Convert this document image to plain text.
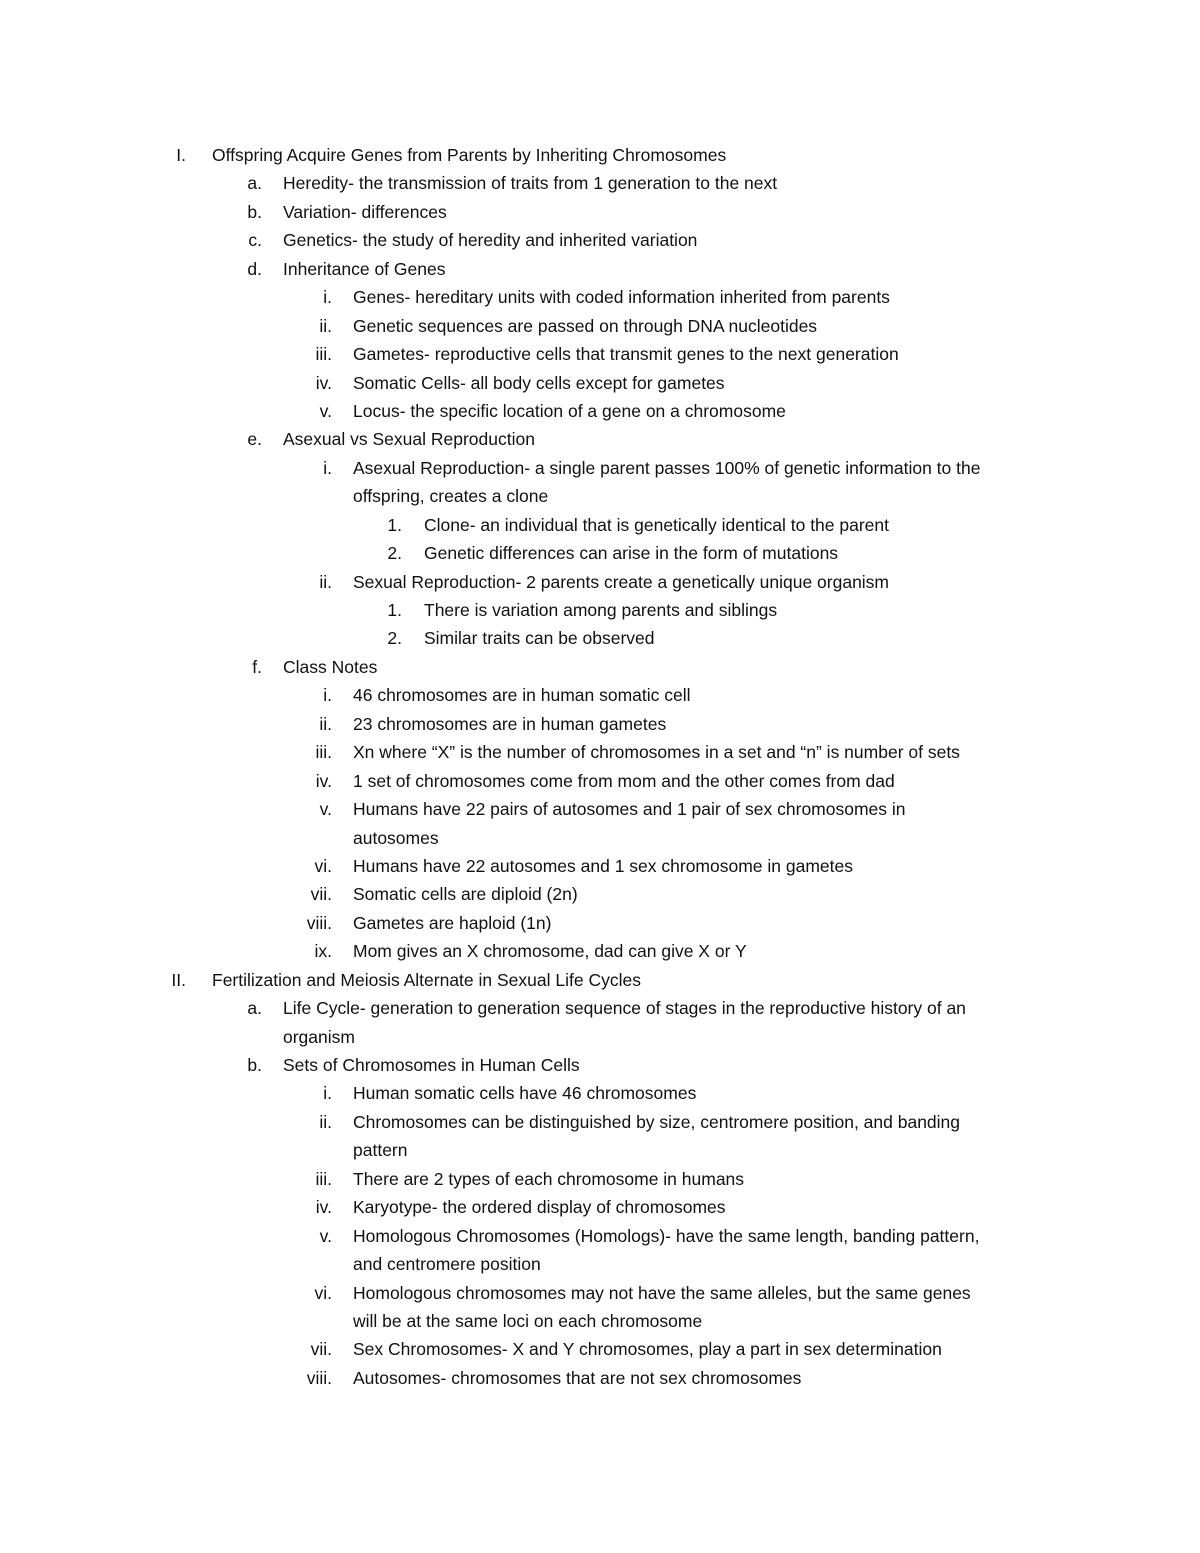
I. Offspring Acquire Genes from Parents by Inheriting Chromosomes
a. Heredity- the transmission of traits from 1 generation to the next
b. Variation- differences
c. Genetics- the study of heredity and inherited variation
d. Inheritance of Genes
i. Genes- hereditary units with coded information inherited from parents
ii. Genetic sequences are passed on through DNA nucleotides
iii. Gametes- reproductive cells that transmit genes to the next generation
iv. Somatic Cells- all body cells except for gametes
v. Locus- the specific location of a gene on a chromosome
e. Asexual vs Sexual Reproduction
i. Asexual Reproduction- a single parent passes 100% of genetic information to the
offspring, creates a clone
1. Clone- an individual that is genetically identical to the parent
2. Genetic differences can arise in the form of mutations
ii. Sexual Reproduction- 2 parents create a genetically unique organism
1. There is variation among parents and siblings
2. Similar traits can be observed
f. Class Notes
i. 46 chromosomes are in human somatic cell
ii. 23 chromosomes are in human gametes
iii. Xn where “X” is the number of chromosomes in a set and “n” is number of sets
iv. 1 set of chromosomes come from mom and the other comes from dad
v. Humans have 22 pairs of autosomes and 1 pair of sex chromosomes in
autosomes
vi. Humans have 22 autosomes and 1 sex chromosome in gametes
vii. Somatic cells are diploid (2n)
viii. Gametes are haploid (1n)
ix. Mom gives an X chromosome, dad can give X or Y
II. Fertilization and Meiosis Alternate in Sexual Life Cycles
a. Life Cycle- generation to generation sequence of stages in the reproductive history of an
organism
b. Sets of Chromosomes in Human Cells
i. Human somatic cells have 46 chromosomes
ii. Chromosomes can be distinguished by size, centromere position, and banding
pattern
iii. There are 2 types of each chromosome in humans
iv. Karyotype- the ordered display of chromosomes
v. Homologous Chromosomes (Homologs)- have the same length, banding pattern,
and centromere position
vi. Homologous chromosomes may not have the same alleles, but the same genes
will be at the same loci on each chromosome
vii. Sex Chromosomes- X and Y chromosomes, play a part in sex determination
viii. Autosomes- chromosomes that are not sex chromosomes
